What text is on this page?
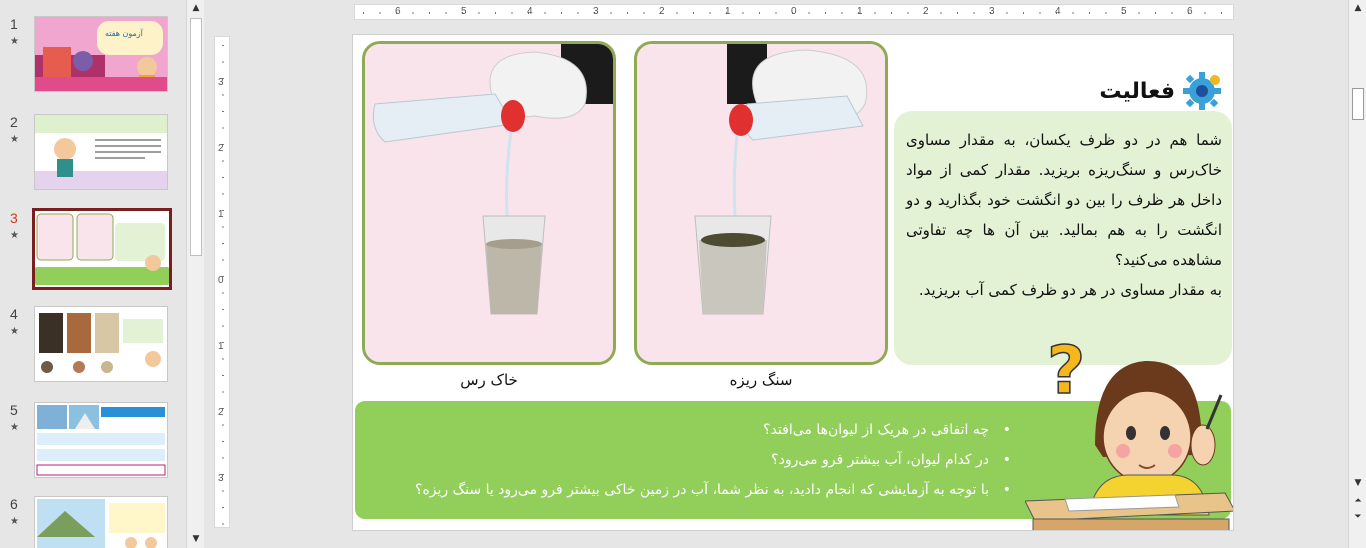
1
★
آزمون هفته
2
★
3
★
4
★
5
★
6
★
▲
▼
6	5	4	3	2	1	0	1	2	3	4	5	6
3
2
1
0
1
2
3
خاک رس	سنگ ریزه
فعالیت

شما هم در دو ظرف یکسان، به مقدار مساوی خاک‌رس و سنگ‌ریزه بریزید. مقدار کمی از مواد داخل هر ظرف را بین دو انگشت خود بگذارید و دو انگشت را به هم بمالید. بین آن ها چه تفاوتی مشاهده می‌کنید؟

به مقدار مساوی در هر دو ظرف کمی آب بریزید.

• چه اتفاقی در هریک از لیوان‌ها می‌افتد؟
• در کدام لیوان، آب بیشتر فرو می‌رود؟
• با توجه به آزمایشی که انجام دادید، به نظر شما، آب در زمین خاکی بیشتر فرو می‌رود یا سنگ ریزه؟
?
▲
▼
⏶
⏷
